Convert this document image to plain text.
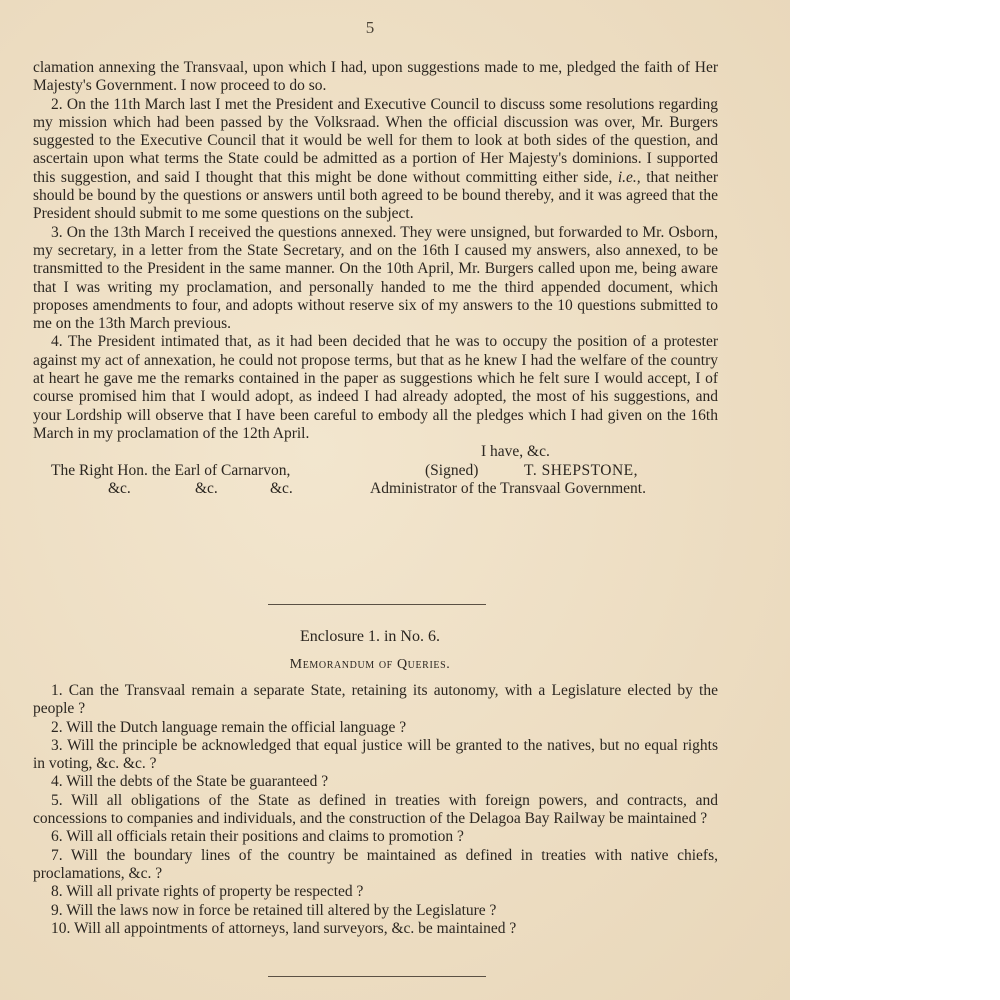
5

clamation annexing the Transvaal, upon which I had, upon suggestions made to me, pledged the faith of Her Majesty's Government. I now proceed to do so.

2. On the 11th March last I met the President and Executive Council to discuss some resolutions regarding my mission which had been passed by the Volksraad. When the official discussion was over, Mr. Burgers suggested to the Executive Council that it would be well for them to look at both sides of the question, and ascertain upon what terms the State could be admitted as a portion of Her Majesty's dominions. I supported this suggestion, and said I thought that this might be done without committing either side, i.e., that neither should be bound by the questions or answers until both agreed to be bound thereby, and it was agreed that the President should submit to me some questions on the subject.

3. On the 13th March I received the questions annexed. They were unsigned, but forwarded to Mr. Osborn, my secretary, in a letter from the State Secretary, and on the 16th I caused my answers, also annexed, to be transmitted to the President in the same manner. On the 10th April, Mr. Burgers called upon me, being aware that I was writing my proclamation, and personally handed to me the third appended document, which proposes amendments to four, and adopts without reserve six of my answers to the 10 questions submitted to me on the 13th March previous.

4. The President intimated that, as it had been decided that he was to occupy the position of a protester against my act of annexation, he could not propose terms, but that as he knew I had the welfare of the country at heart he gave me the remarks contained in the paper as suggestions which he felt sure I would accept, I of course promised him that I would adopt, as indeed I had already adopted, the most of his suggestions, and your Lordship will observe that I have been careful to embody all the pledges which I had given on the 16th March in my proclamation of the 12th April.

I have, &c.
The Right Hon. the Earl of Carnarvon,	(Signed)	T. SHEPSTONE,
&c.	&c.	&c.	Administrator of the Transvaal Government.
Enclosure 1. in No. 6.
Memorandum of Queries.

1. Can the Transvaal remain a separate State, retaining its autonomy, with a Legislature elected by the people ?

2. Will the Dutch language remain the official language ?

3. Will the principle be acknowledged that equal justice will be granted to the natives, but no equal rights in voting, &c. &c. ?

4. Will the debts of the State be guaranteed ?

5. Will all obligations of the State as defined in treaties with foreign powers, and contracts, and concessions to companies and individuals, and the construction of the Delagoa Bay Railway be maintained ?

6. Will all officials retain their positions and claims to promotion ?

7. Will the boundary lines of the country be maintained as defined in treaties with native chiefs, proclamations, &c. ?

8. Will all private rights of property be respected ?

9. Will the laws now in force be retained till altered by the Legislature ?

10. Will all appointments of attorneys, land surveyors, &c. be maintained ?
